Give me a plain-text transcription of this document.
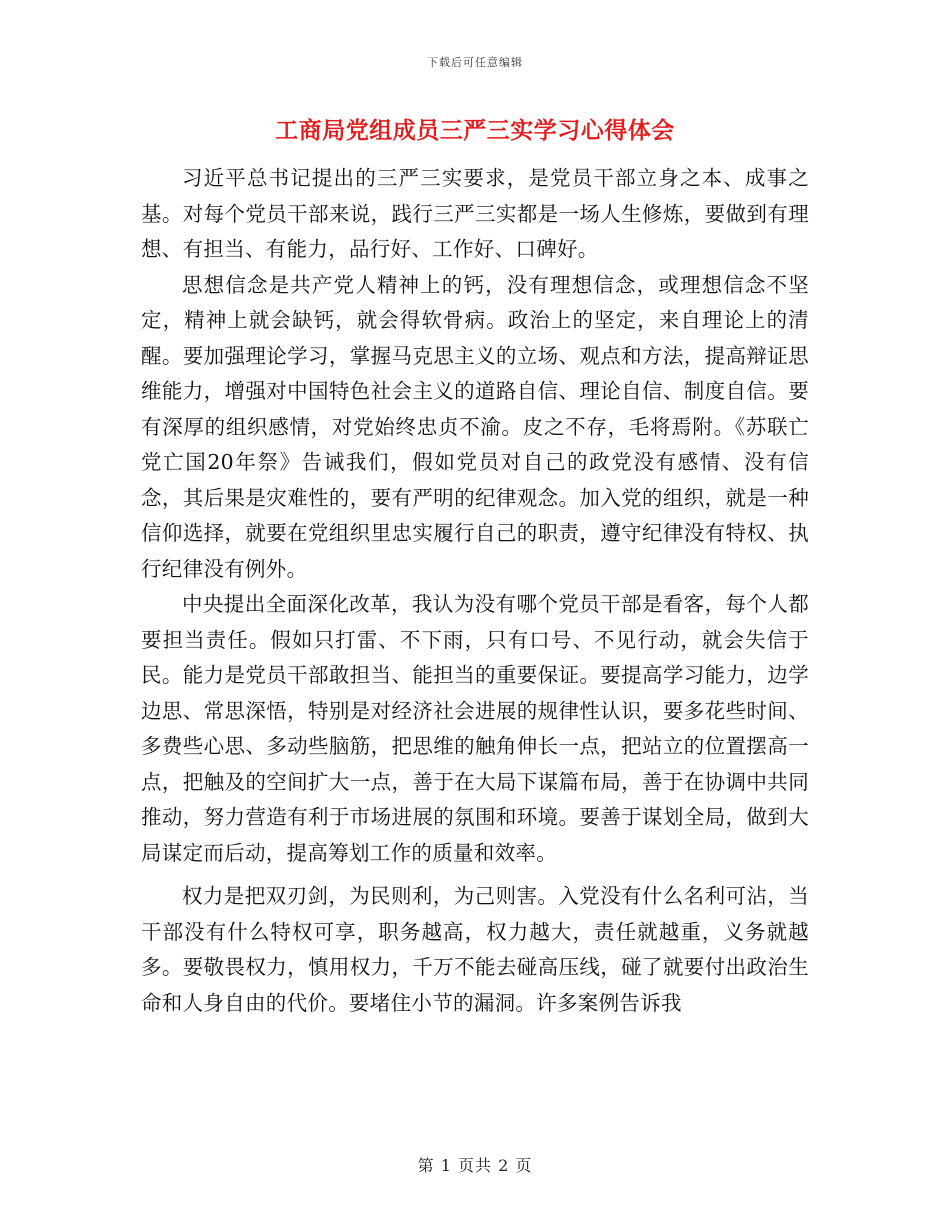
下载后可任意编辑
工商局党组成员三严三实学习心得体会

习近平总书记提出的三严三实要求，是党员干部立身之本、成事之基。对每个党员干部来说，践行三严三实都是一场人生修炼，要做到有理想、有担当、有能力，品行好、工作好、口碑好。

思想信念是共产党人精神上的钙，没有理想信念，或理想信念不坚定，精神上就会缺钙，就会得软骨病。政治上的坚定，来自理论上的清醒。要加强理论学习，掌握马克思主义的立场、观点和方法，提高辩证思维能力，增强对中国特色社会主义的道路自信、理论自信、制度自信。要有深厚的组织感情，对党始终忠贞不渝。皮之不存，毛将焉附。《苏联亡党亡国20年祭》告诫我们，假如党员对自己的政党没有感情、没有信念，其后果是灾难性的，要有严明的纪律观念。加入党的组织，就是一种信仰选择，就要在党组织里忠实履行自己的职责，遵守纪律没有特权、执行纪律没有例外。

中央提出全面深化改革，我认为没有哪个党员干部是看客，每个人都要担当责任。假如只打雷、不下雨，只有口号、不见行动，就会失信于民。能力是党员干部敢担当、能担当的重要保证。要提高学习能力，边学边思、常思深悟，特别是对经济社会进展的规律性认识，要多花些时间、多费些心思、多动些脑筋，把思维的触角伸长一点，把站立的位置摆高一点，把触及的空间扩大一点，善于在大局下谋篇布局，善于在协调中共同推动，努力营造有利于市场进展的氛围和环境。要善于谋划全局，做到大局谋定而后动，提高筹划工作的质量和效率。

权力是把双刃剑，为民则利，为己则害。入党没有什么名利可沾，当干部没有什么特权可享，职务越高，权力越大，责任就越重，义务就越多。要敬畏权力，慎用权力，千万不能去碰高压线，碰了就要付出政治生命和人身自由的代价。要堵住小节的漏洞。许多案例告诉我

第 1 页共 2 页
